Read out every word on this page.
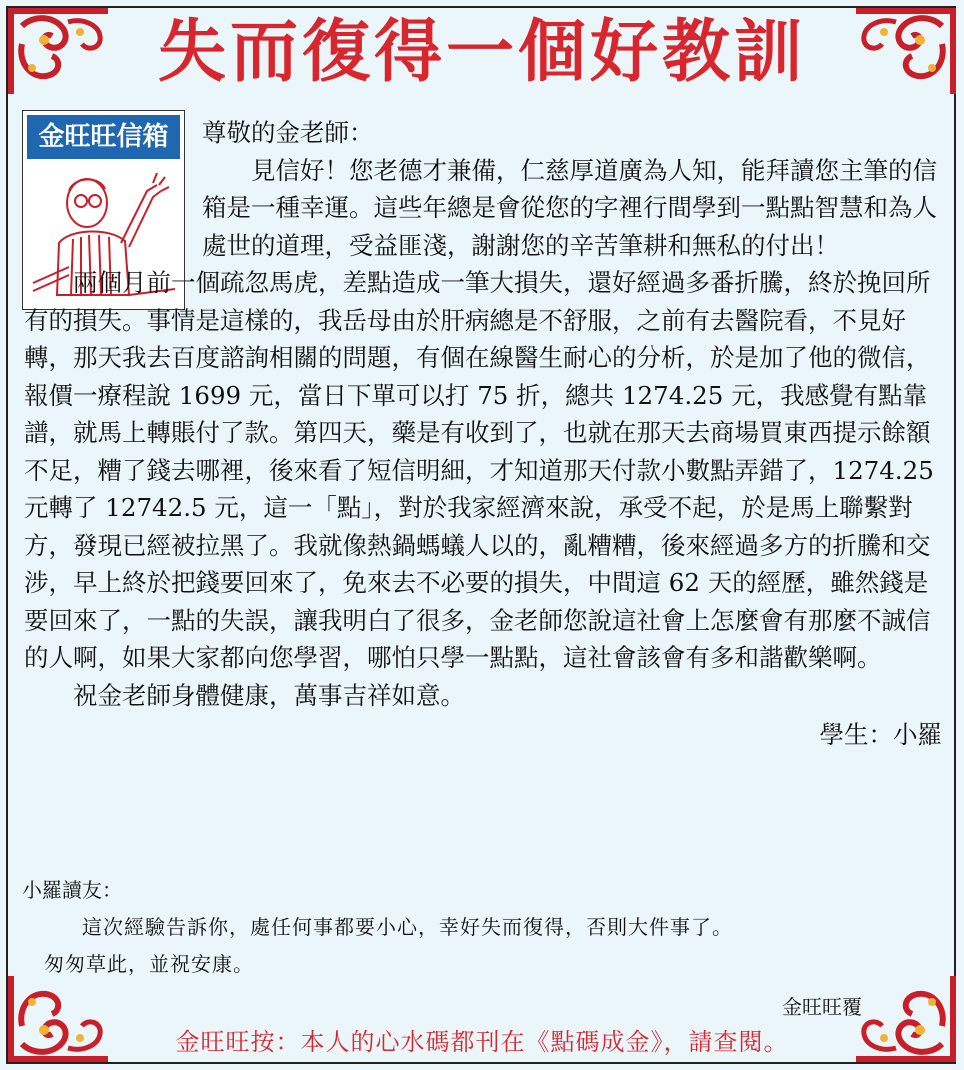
失而復得一個好教訓
金旺旺信箱	尊敬的金老師：

見信好！您老德才兼備，仁慈厚道廣為人知，能拜讀您主筆的信箱是一種幸運。這些年總是會從您的字裡行間學到一點點智慧和為人處世的道理，受益匪淺，謝謝您的辛苦筆耕和無私的付出！

兩個月前一個疏忽馬虎，差點造成一筆大損失，還好經過多番折騰，終於挽回所有的損失。事情是這樣的，我岳母由於肝病總是不舒服，之前有去醫院看，不見好轉，那天我去百度諮詢相關的問題，有個在線醫生耐心的分析，於是加了他的微信，報價一療程說 1699 元，當日下單可以打 75 折，總共 1274.25 元，我感覺有點靠譜，就馬上轉賬付了款。第四天，藥是有收到了，也就在那天去商場買東西提示餘額不足，糟了錢去哪裡，後來看了短信明細，才知道那天付款小數點弄錯了，1274.25 元轉了 12742.5 元，這一「點」，對於我家經濟來說，承受不起，於是馬上聯繫對方，發現已經被拉黑了。我就像熱鍋螞蟻人以的，亂糟糟，後來經過多方的折騰和交涉，早上終於把錢要回來了，免來去不必要的損失，中間這 62 天的經歷，雖然錢是要回來了，一點的失誤，讓我明白了很多，金老師您說這社會上怎麼會有那麼不誠信的人啊，如果大家都向您學習，哪怕只學一點點，這社會該會有多和諧歡樂啊。

祝金老師身體健康，萬事吉祥如意。

學生：小羅

小羅讀友：

這次經驗告訴你，處任何事都要小心，幸好失而復得，否則大件事了。

匆匆草此，並祝安康。

金旺旺覆

金旺旺按：本人的心水碼都刊在《點碼成金》，請查閱。
